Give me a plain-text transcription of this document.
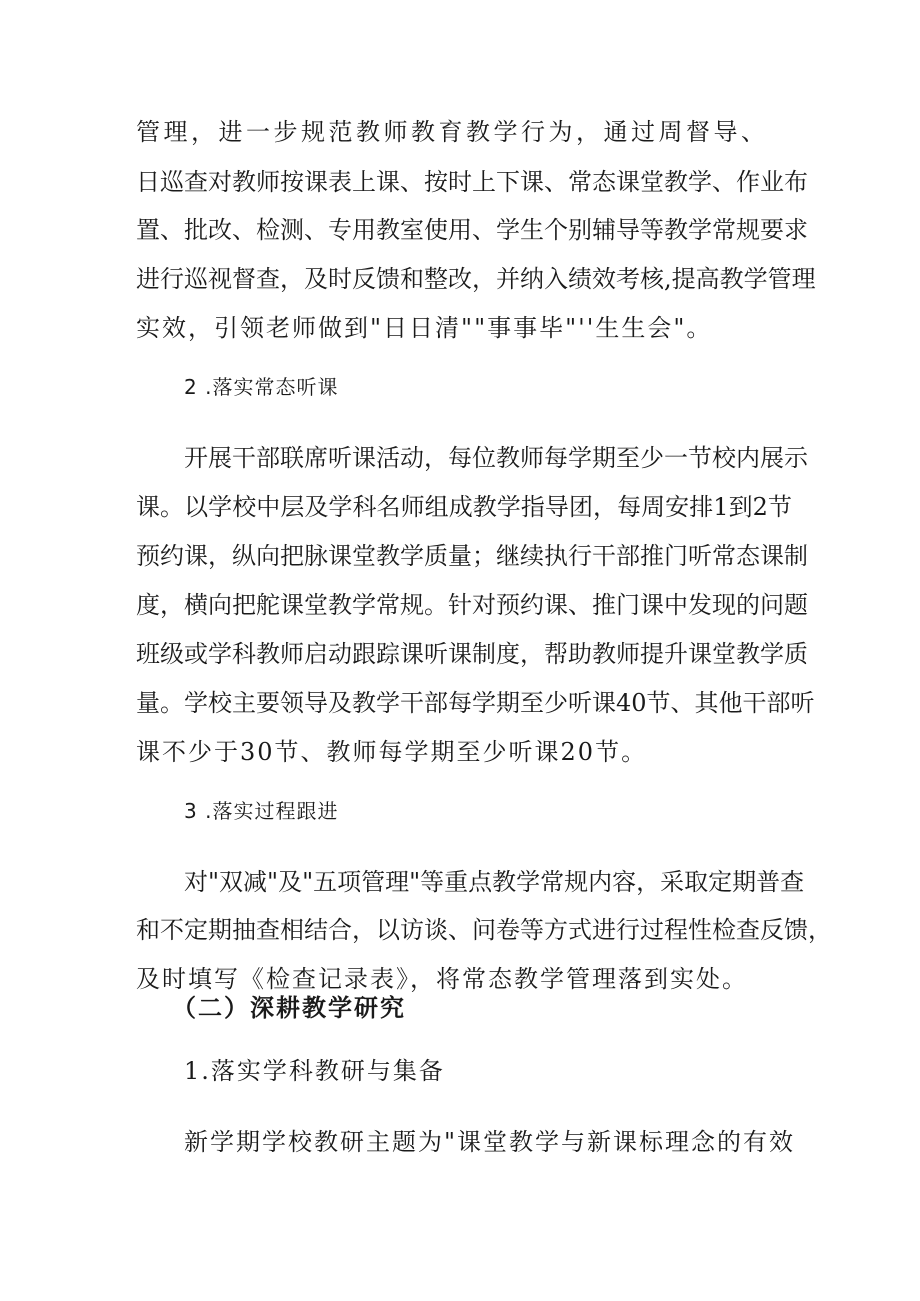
管理，进一步规范教师教育教学行为，通过周督导、
日巡查对教师按课表上课、按时上下课、常态课堂教学、作业布
置、批改、检测、专用教室使用、学生个别辅导等教学常规要求
进行巡视督查，及时反馈和整改，并纳入绩效考核,提高教学管理
实效，引领老师做到"日日清""事事毕"''生生会"。
2 .落实常态听课
开展干部联席听课活动，每位教师每学期至少一节校内展示
课。以学校中层及学科名师组成教学指导团，每周安排1到2节
预约课，纵向把脉课堂教学质量；继续执行干部推门听常态课制
度，横向把舵课堂教学常规。针对预约课、推门课中发现的问题
班级或学科教师启动跟踪课听课制度，帮助教师提升课堂教学质
量。学校主要领导及教学干部每学期至少听课40节、其他干部听
课不少于30节、教师每学期至少听课20节。
3 .落实过程跟进
对"双减"及"五项管理"等重点教学常规内容，采取定期普查
和不定期抽查相结合，以访谈、问卷等方式进行过程性检查反馈，
及时填写《检查记录表》，将常态教学管理落到实处。
（二）深耕教学研究
1.落实学科教研与集备
新学期学校教研主题为"课堂教学与新课标理念的有效
